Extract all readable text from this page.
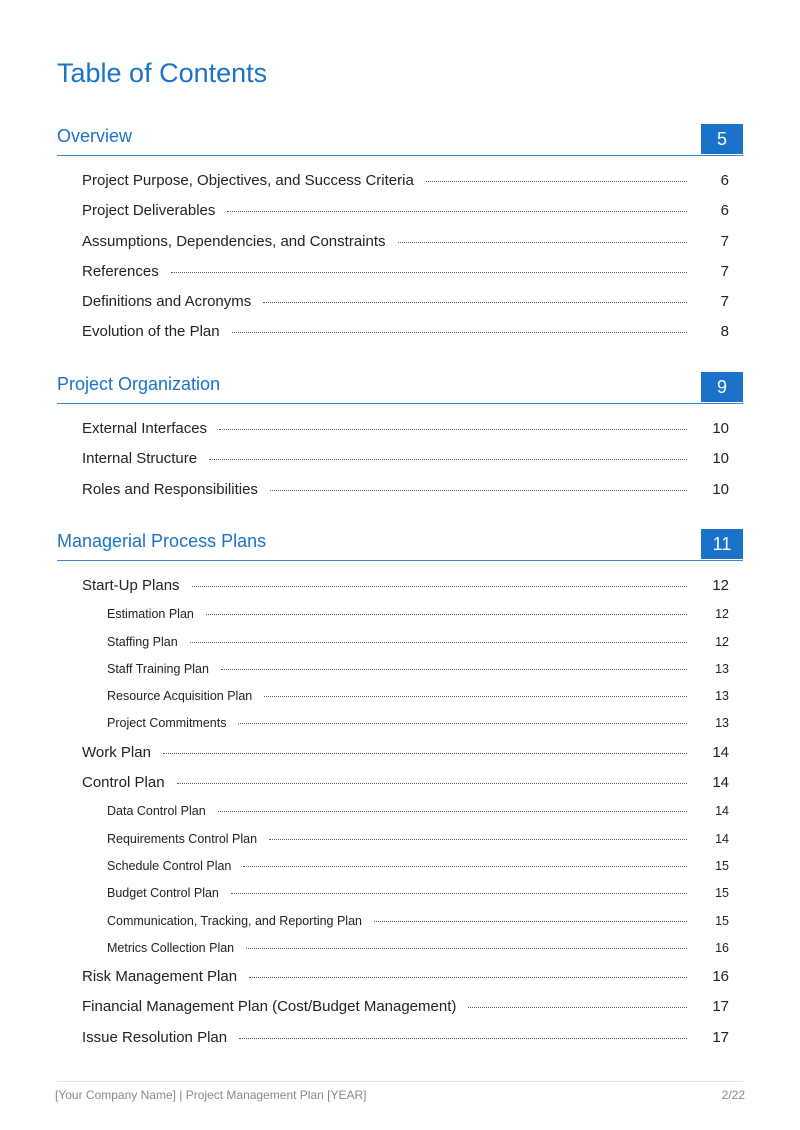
Table of Contents
Overview	5
Project Purpose, Objectives, and Success Criteria	6
Project Deliverables	6
Assumptions, Dependencies, and Constraints	7
References	7
Definitions and Acronyms	7
Evolution of the Plan	8
Project Organization	9
External Interfaces	10
Internal Structure	10
Roles and Responsibilities	10
Managerial Process Plans	11
Start-Up Plans	12
Estimation Plan	12
Staffing Plan	12
Staff Training Plan	13
Resource Acquisition Plan	13
Project Commitments	13
Work Plan	14
Control Plan	14
Data Control Plan	14
Requirements Control Plan	14
Schedule Control Plan	15
Budget Control Plan	15
Communication, Tracking, and Reporting Plan	15
Metrics Collection Plan	16
Risk Management Plan	16
Financial Management Plan (Cost/Budget Management)	17
Issue Resolution Plan	17
[Your Company Name] | Project Management Plan [YEAR]	2/22
